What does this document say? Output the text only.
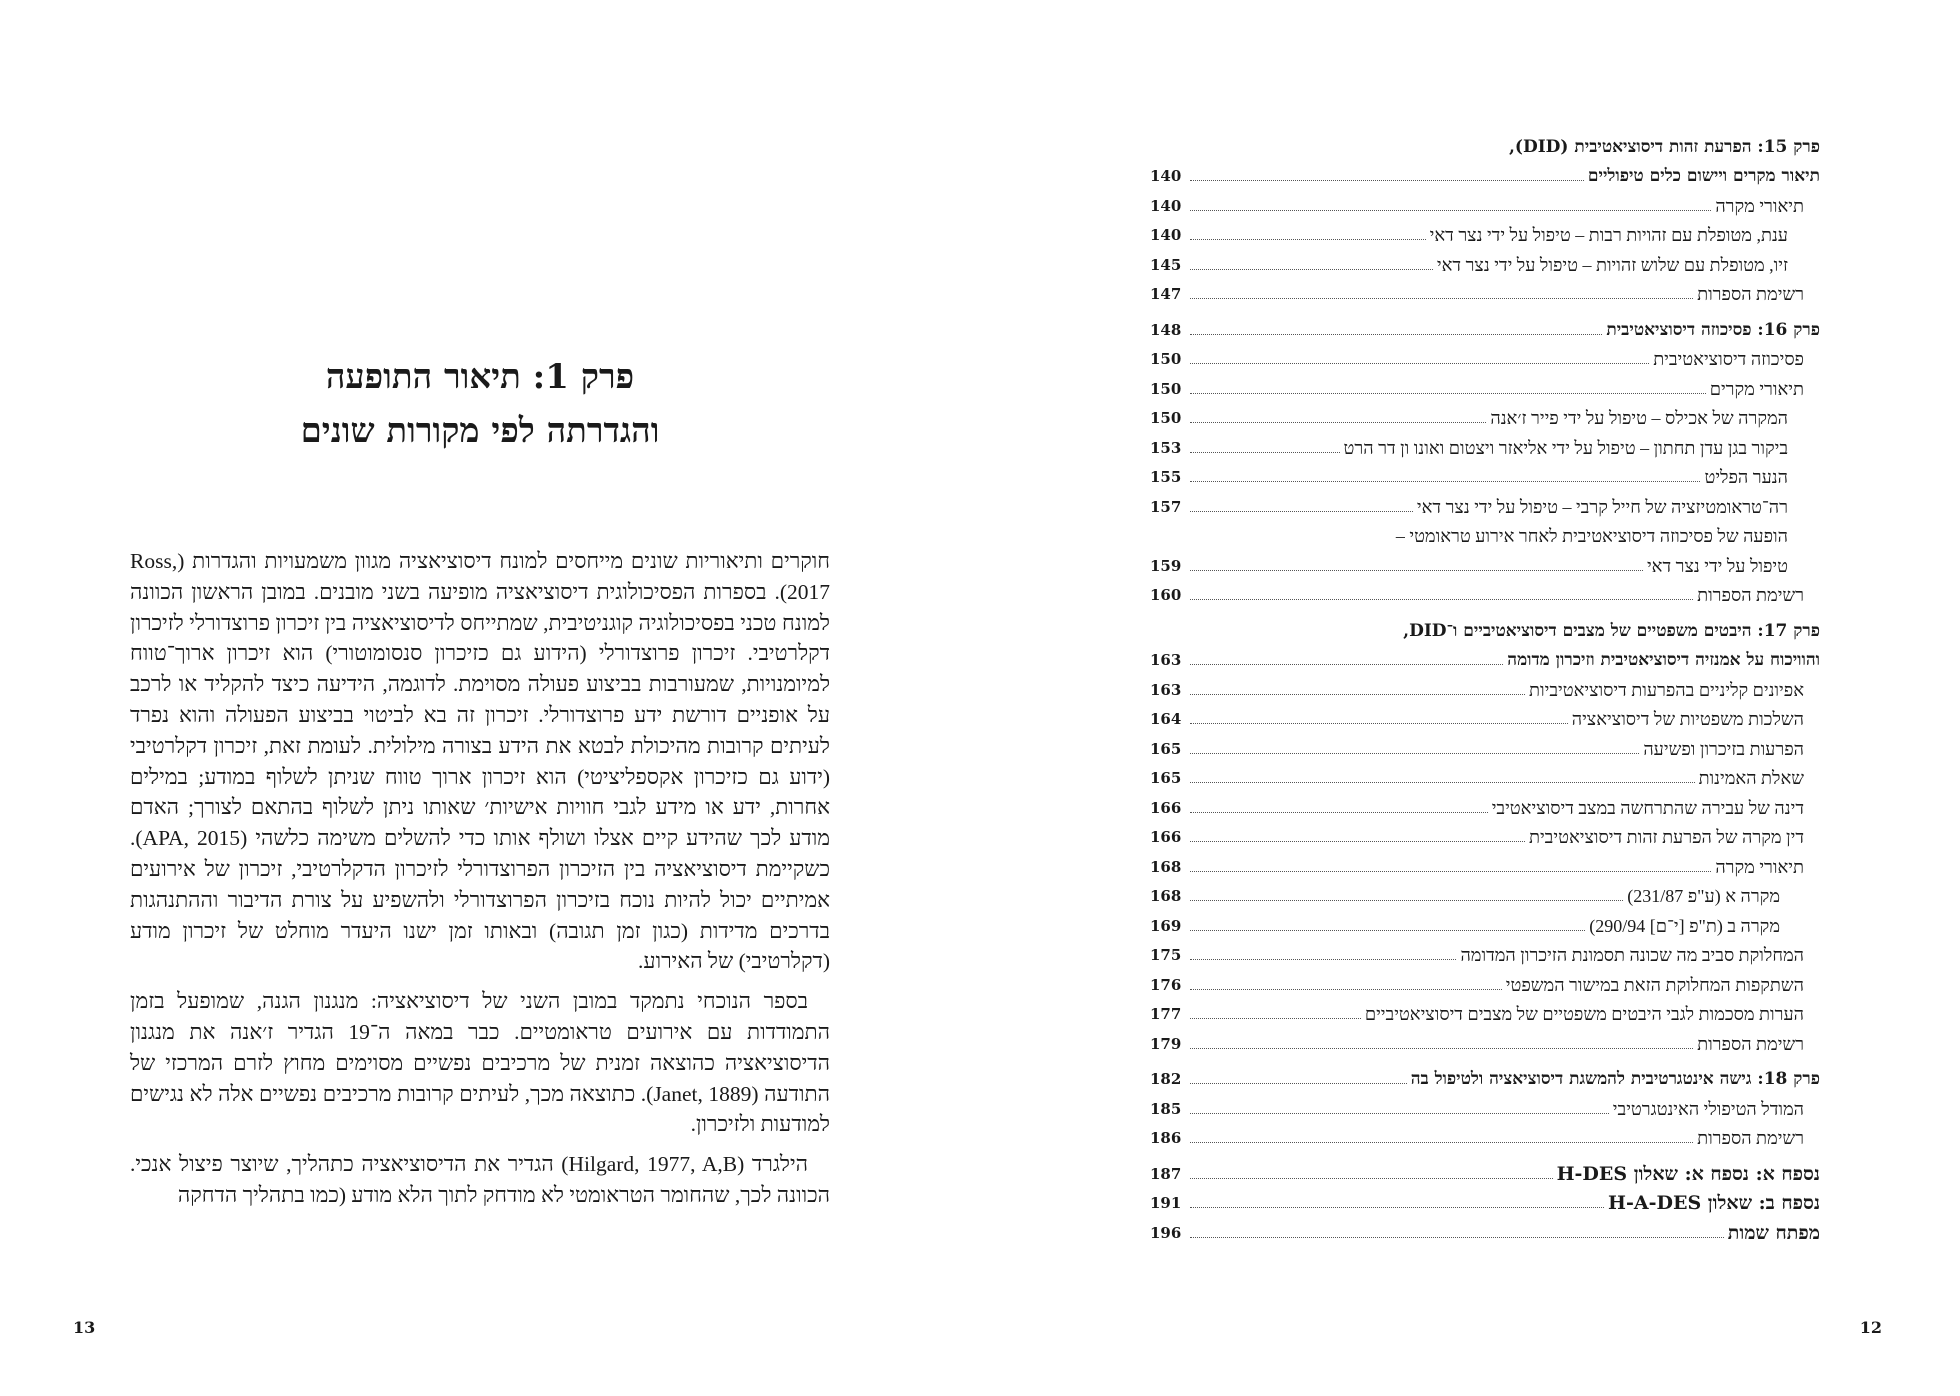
פרק 1: תיאור התופעה
והגדרתה לפי מקורות שונים

חוקרים ותיאוריות שונים מייחסים למונח דיסוציאציה מגוון משמעויות והגדרות (Ross, 2017). בספרות הפסיכולוגית דיסוציאציה מופיעה בשני מובנים. במובן הראשון הכוונה למונח טכני בפסיכולוגיה קוגניטיבית, שמתייחס לדיסוציאציה בין זיכרון פרוצדורלי לזיכרון דקלרטיבי. זיכרון פרוצדורלי (הידוע גם כזיכרון סנסומוטורי) הוא זיכרון ארוך־טווח למיומנויות, שמעורבות בביצוע פעולה מסוימת. לדוגמה, הידיעה כיצד להקליד או לרכב על אופניים דורשת ידע פרוצדורלי. זיכרון זה בא לביטוי בביצוע הפעולה והוא נפרד לעיתים קרובות מהיכולת לבטא את הידע בצורה מילולית. לעומת זאת, זיכרון דקלרטיבי (ידוע גם כזיכרון אקספליציטי) הוא זיכרון ארוך טווח שניתן לשלוף במודע; במילים אחרות, ידע או מידע לגבי חוויות אישיות׳ שאותו ניתן לשלוף בהתאם לצורך; האדם מודע לכך שהידע קיים אצלו ושולף אותו כדי להשלים משימה כלשהי (APA, 2015). כשקיימת דיסוציאציה בין הזיכרון הפרוצדורלי לזיכרון הדקלרטיבי, זיכרון של אירועים אמיתיים יכול להיות נוכח בזיכרון הפרוצדורלי ולהשפיע על צורת הדיבור וההתנהגות בדרכים מדידות (כגון זמן תגובה) ובאותו זמן ישנו היעדר מוחלט של זיכרון מודע (דקלרטיבי) של האירוע.

בספר הנוכחי נתמקד במובן השני של דיסוציאציה: מנגנון הגנה, שמופעל בזמן התמודדות עם אירועים טראומטיים. כבר במאה ה־19 הגדיר ז׳אנה את מנגנון הדיסוציאציה כהוצאה זמנית של מרכיבים נפשיים מסוימים מחוץ לזרם המרכזי של התודעה (Janet, 1889). כתוצאה מכך, לעיתים קרובות מרכיבים נפשיים אלה לא נגישים למודעות ולזיכרון.

הילגרד (Hilgard, 1977, A,B) הגדיר את הדיסוציאציה כתהליך, שיוצר פיצול אנכי. הכוונה לכך, שהחומר הטראומטי לא מודחק לתוך הלא מודע (כמו בתהליך הדחקה

13
פרק 15: הפרעת זהות דיסוציאטיבית (DID),
תיאור מקרים ויישום כלים טיפוליים
140
תיאורי מקרה
140
ענת, מטופלת עם זהויות רבות – טיפול על ידי נצר דאי
140
זיו, מטופלת עם שלוש זהויות – טיפול על ידי נצר דאי
145
רשימת הספרות
147
פרק 16: פסיכוזה דיסוציאטיבית
148
פסיכוזה דיסוציאטיבית
150
תיאורי מקרים
150
המקרה של אכילס – טיפול על ידי פייר ז׳אנה
150
ביקור בגן עדן תחתון – טיפול על ידי אליאזר ויצטום ואונו ון דר הרט
153
הנער הפליט
155
רה־טראומטיזציה של חייל קרבי – טיפול על ידי נצר דאי
157
הופעה של פסיכוזה דיסוציאטיבית לאחר אירוע טראומטי –
טיפול על ידי נצר דאי
159
רשימת הספרות
160
פרק 17: היבטים משפטיים של מצבים דיסוציאטיביים ו־DID,
והוויכוח על אמנזיה דיסוציאטיבית וזיכרון מדומה
163
אפיונים קליניים בהפרעות דיסוציאטיביות
163
השלכות משפטיות של דיסוציאציה
164
הפרעות בזיכרון ופשיעה
165
שאלת האמינות
165
דינה של עבירה שהתרחשה במצב דיסוציאטיבי
166
דין מקרה של הפרעת זהות דיסוציאטיבית
166
תיאורי מקרה
168
מקרה א (ע"פ 231/87)
168
מקרה ב (ת"פ [י־ם] 290/94)
169
המחלוקת סביב מה שכונה תסמונת הזיכרון המדומה
175
השתקפות המחלוקת הזאת במישור המשפטי
176
הערות מסכמות לגבי היבטים משפטיים של מצבים דיסוציאטיביים
177
רשימת הספרות
179
פרק 18: גישה אינטגרטיבית להמשגת דיסוציאציה ולטיפול בה
182
המודל הטיפולי האינטגרטיבי
185
רשימת הספרות
186
נספח א: נספח א: שאלון H-DES
187
נספח ב: שאלון H-A-DES
191
מפתח שמות
196
12
